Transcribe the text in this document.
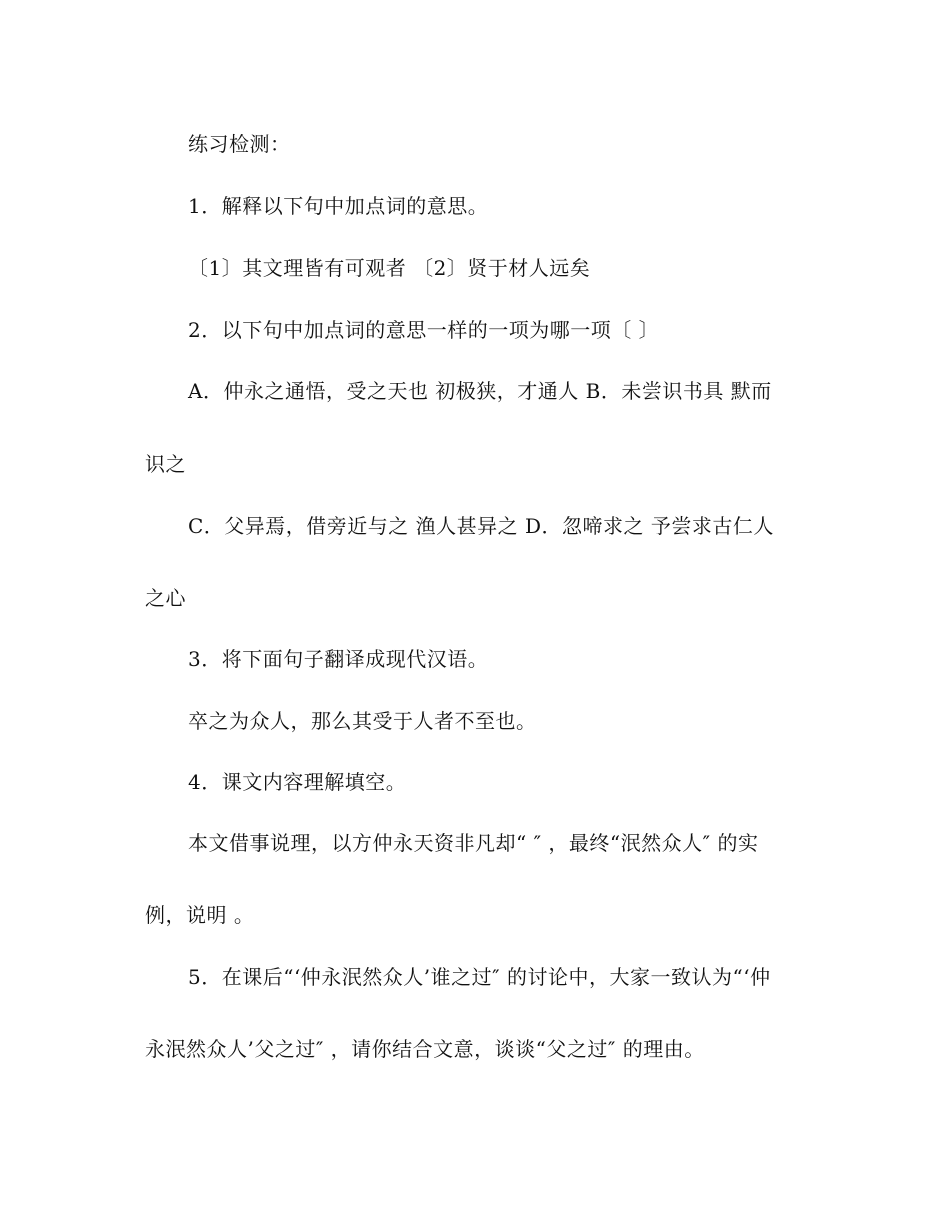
练习检测：
1．解释以下句中加点词的意思。
〔1〕其文理皆有可观者 〔2〕贤于材人远矣
2．以下句中加点词的意思一样的一项为哪一项〔 〕
A．仲永之通悟，受之天也 初极狭，才通人 B．未尝识书具 默而
识之
C．父异焉，借旁近与之 渔人甚异之 D．忽啼求之 予尝求古仁人
之心
3．将下面句子翻译成现代汉语。
卒之为众人，那么其受于人者不至也。
4．课文内容理解填空。
本文借事说理，以方仲永天资非凡却“ ″ ，最终“泯然众人″ 的实
例，说明 。
5．在课后“‘仲永泯然众人’谁之过″ 的讨论中，大家一致认为“‘仲
永泯然众人’父之过″ ，请你结合文意，谈谈“父之过″ 的理由。
